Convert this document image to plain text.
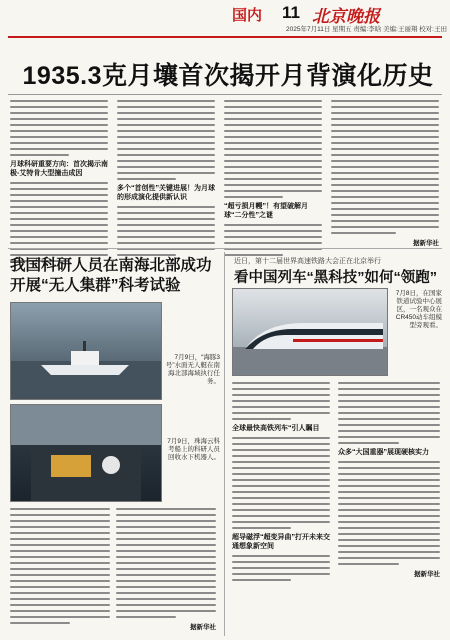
国内 11 北京晚报
2025年7月11日 星期五 责编:李晗 美编:王丽翔 校对:王田
1935.3克月壤首次揭开月背演化历史
月球科研重要方向：首次揭示南极-艾特肯大型撞击成因
多个“首创性”关键进展！为月球的形成演化提供新认识
“超亏损月幔”！有望破解月球“二分性”之谜
据新华社
我国科研人员在南海北部成功开展“无人集群”科考试验
7月9日，“海豚3号”水面无人艇在南海北部海域执行任务。
7月9日，珠海云科考船上的科研人员回收水下机器人。
据新华社
近日，第十二届世界高速铁路大会正在北京举行
看中国列车“黑科技”如何“领跑”
7月8日，在国家铁道试验中心展区，一名观众在CR450动车组模型旁观看。
全球最快高铁列车“引人瞩目
超导磁浮“超变异曲”打开未来交通想象新空间
众多“大国重器”展现硬核实力
据新华社
